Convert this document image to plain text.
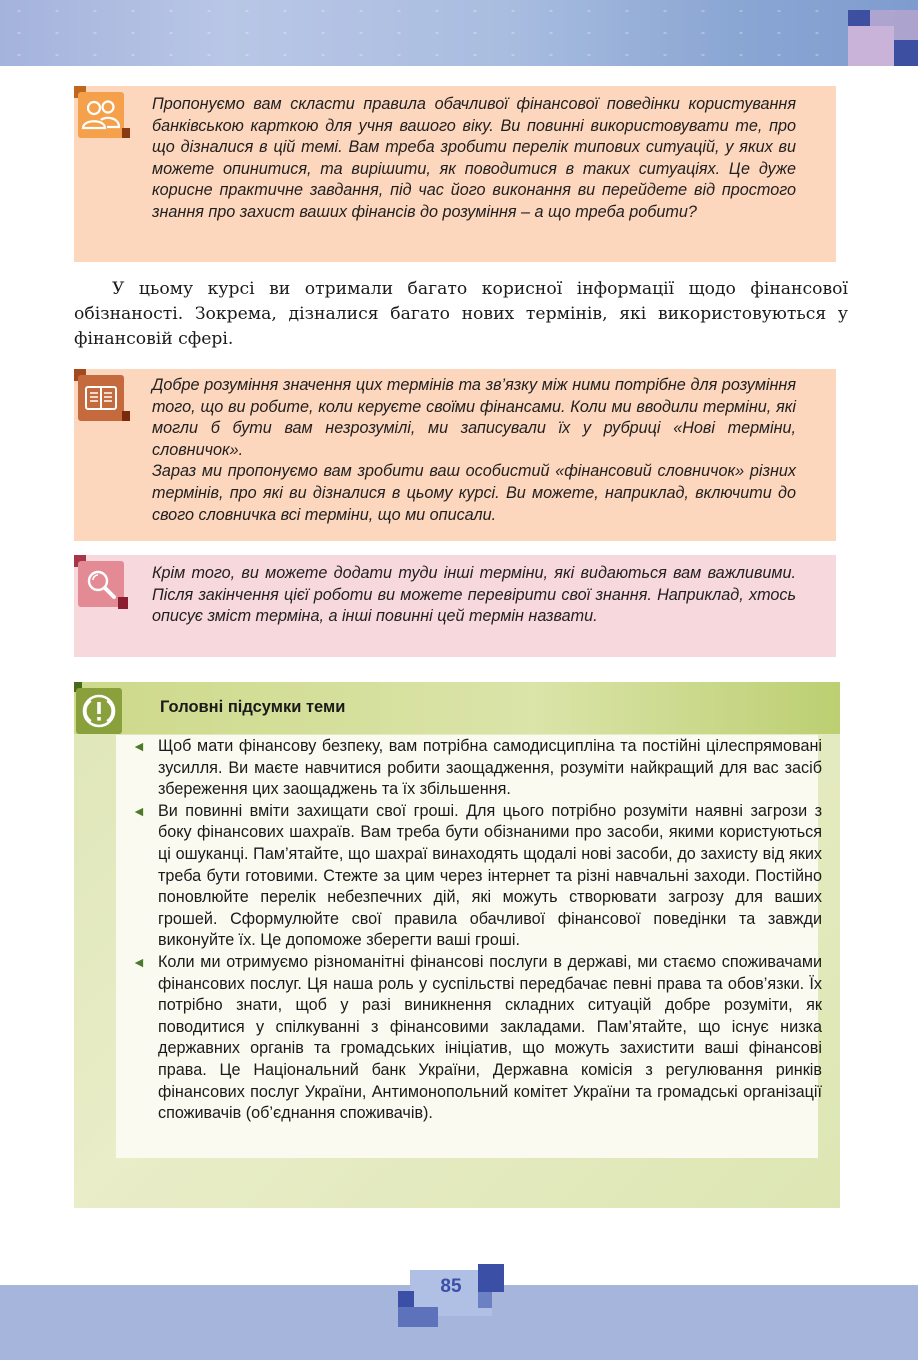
Пропонуємо вам скласти правила обачливої фінансової поведінки користування банківською карткою для учня вашого віку. Ви повинні використовувати те, про що дізналися в цій темі. Вам треба зробити перелік типових ситуацій, у яких ви можете опинитися, та вирішити, як поводитися в таких ситуаціях. Це дуже корисне практичне завдання, під час його виконання ви перейдете від простого знання про захист ваших фінансів до розуміння – а що треба робити?

У цьому курсі ви отримали багато корисної інформації щодо фінансової обізнаності. Зокрема, дізналися багато нових термінів, які використовуються у фінансовій сфері.

Добре розуміння значення цих термінів та зв’язку між ними потрібне для розуміння того, що ви робите, коли керуєте своїми фінансами. Коли ми вводили терміни, які могли б бути вам незрозумілі, ми записували їх у рубриці «Нові терміни, словничок».
Зараз ми пропонуємо вам зробити ваш особистий «фінансовий словничок» різних термінів, про які ви дізналися в цьому курсі. Ви можете, наприклад, включити до свого словничка всі терміни, що ми описали.

Крім того, ви можете додати туди інші терміни, які видаються вам важливими. Після закінчення цієї роботи ви можете перевірити свої знання. Наприклад, хтось описує зміст терміна, а інші повинні цей термін назвати.

Головні підсумки теми
◄ Щоб мати фінансову безпеку, вам потрібна самодисципліна та постійні цілеспрямовані зусилля. Ви маєте навчитися робити заощадження, розуміти найкращий для вас засіб збереження цих заощаджень та їх збільшення.
◄ Ви повинні вміти захищати свої гроші. Для цього потрібно розуміти наявні загрози з боку фінансових шахраїв. Вам треба бути обізнаними про засоби, якими користуються ці ошуканці. Пам’ятайте, що шахраї винаходять щодалі нові засоби, до захисту від яких треба бути готовими. Стежте за цим через інтернет та різні навчальні заходи. Постійно поновлюйте перелік небезпечних дій, які можуть створювати загрозу для ваших грошей. Сформулюйте свої правила обачливої фінансової поведінки та завжди виконуйте їх. Це допоможе зберегти ваші гроші.
◄ Коли ми отримуємо різноманітні фінансові послуги в державі, ми стаємо споживачами фінансових послуг. Ця наша роль у суспільстві передбачає певні права та обов’язки. Їх потрібно знати, щоб у разі виникнення складних ситуацій добре розуміти, як поводитися у спілкуванні з фінансовими закладами. Пам’ятайте, що існує низка державних органів та громадських ініціатив, що можуть захистити ваші фінансові права. Це Національний банк України, Державна комісія з регулювання ринків фінансових послуг України, Антимонопольний комітет України та громадські організації споживачів (об’єднання споживачів).
85
